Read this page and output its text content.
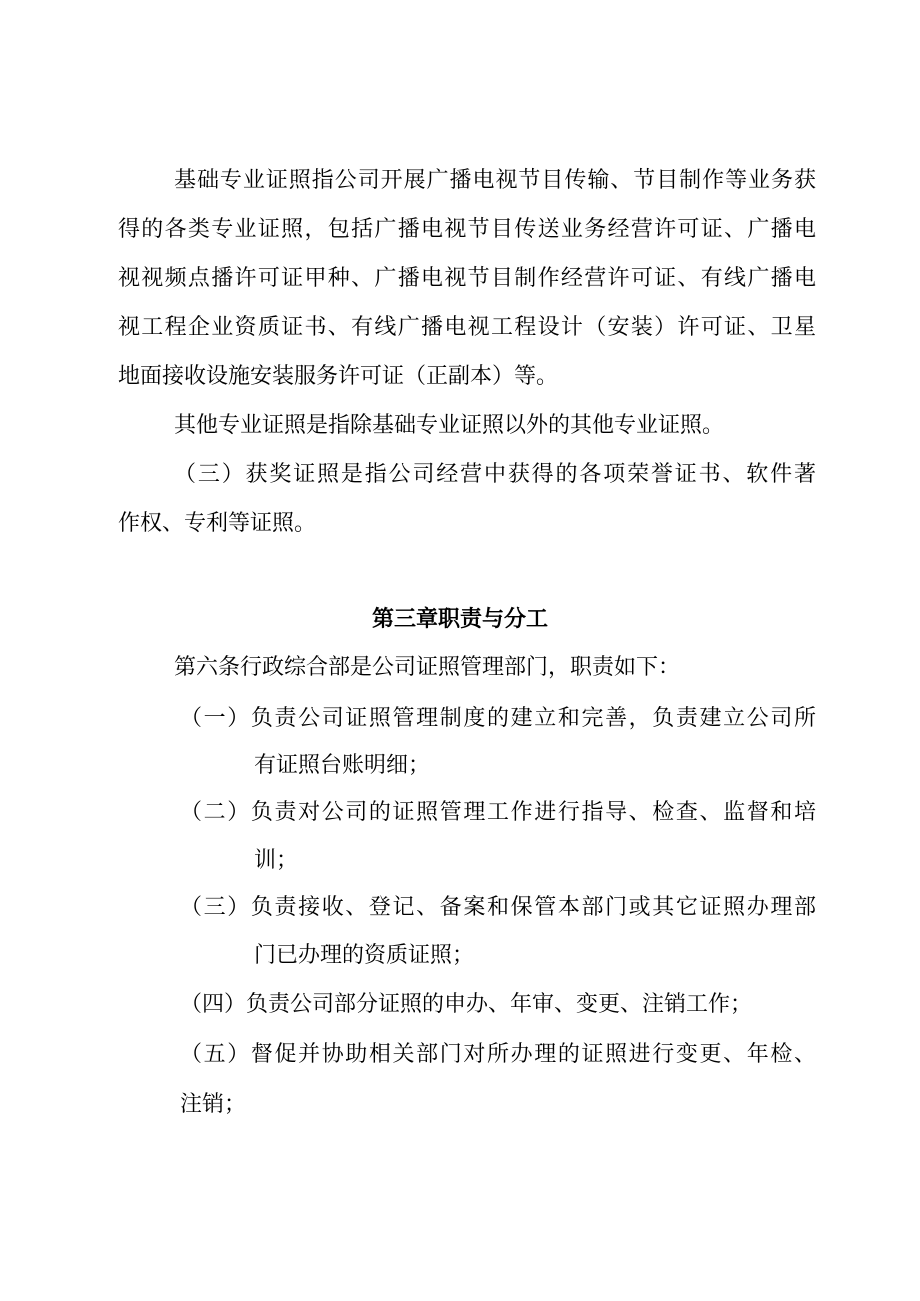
基础专业证照指公司开展广播电视节目传输、节目制作等业务获
得的各类专业证照，包括广播电视节目传送业务经营许可证、广播电
视视频点播许可证甲种、广播电视节目制作经营许可证、有线广播电
视工程企业资质证书、有线广播电视工程设计（安装）许可证、卫星
地面接收设施安装服务许可证（正副本）等。
其他专业证照是指除基础专业证照以外的其他专业证照。
（三）获奖证照是指公司经营中获得的各项荣誉证书、软件著
作权、专利等证照。
第三章职责与分工
第六条行政综合部是公司证照管理部门，职责如下：
（一）负责公司证照管理制度的建立和完善，负责建立公司所
有证照台账明细；
（二）负责对公司的证照管理工作进行指导、检查、监督和培
训；
（三）负责接收、登记、备案和保管本部门或其它证照办理部
门已办理的资质证照；
（四）负责公司部分证照的申办、年审、变更、注销工作；
（五）督促并协助相关部门对所办理的证照进行变更、年检、
注销；
